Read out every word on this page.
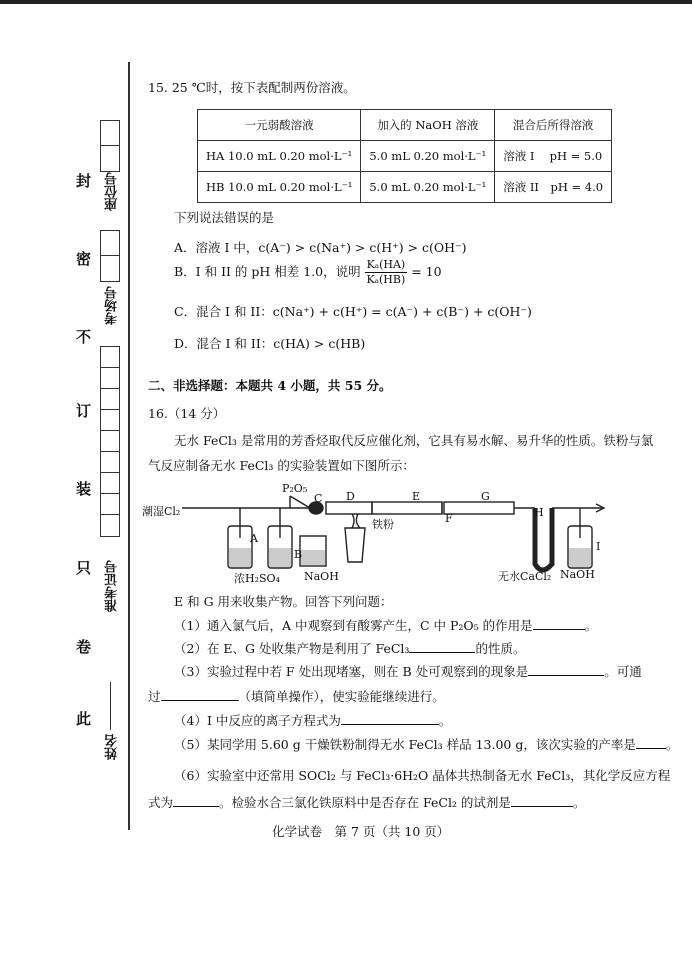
封
密
不
订
装
只
卷
此
座位号
考场号
准考证号
姓名
15. 25 ℃时，按下表配制两份溶液。
一元弱酸溶液	加入的 NaOH 溶液	混合后所得溶液
HA 10.0 mL 0.20 mol·L⁻¹	5.0 mL 0.20 mol·L⁻¹	溶液 I　 pH = 5.0
HB 10.0 mL 0.20 mol·L⁻¹	5.0 mL 0.20 mol·L⁻¹	溶液 II　pH = 4.0
下列说法错误的是
A．溶液 I 中，c(A⁻) > c(Na⁺) > c(H⁺) > c(OH⁻)
B．I 和 II 的 pH 相差 1.0，说明 $\frac{\text{Kₐ(HA)}}{\text{Kₐ(HB)}} = 10$
C．混合 I 和 II：c(Na⁺) + c(H⁺) = c(A⁻) + c(B⁻) + c(OH⁻)
D．混合 I 和 II：c(HA) > c(HB)
二、非选择题：本题共 4 小题，共 55 分。
16.（14 分）
无水 FeCl₃ 是常用的芳香烃取代反应催化剂，它具有易水解、易升华的性质。铁粉与氯
气反应制备无水 FeCl₃ 的实验装置如下图所示：
潮湿Cl₂
P₂O₅
A
B
C D	E
F
G
H
I
铁粉
浓H₂SO₄ NaOH	无水CaCl₂ NaOH
E 和 G 用来收集产物。回答下列问题：
（1）通入氯气后，A 中观察到有酸雾产生，C 中 P₂O₅ 的作用是	。
（2）在 E、G 处收集产物是利用了 FeCl₃	的性质。
（3）实验过程中若 F 处出现堵塞，则在 B 处可观察到的现象是	。可通
过	（填简单操作），使实验能继续进行。
（4）I 中反应的离子方程式为	。
（5）某同学用 5.60 g 干燥铁粉制得无水 FeCl₃ 样品 13.00 g，该次实验的产率是 。
（6）实验室中还常用 SOCl₂ 与 FeCl₃·6H₂O 晶体共热制备无水 FeCl₃，其化学反应方程
式为	。检验水合三氯化铁原料中是否存在 FeCl₂ 的试剂是	。
化学试卷　第 7 页（共 10 页）
